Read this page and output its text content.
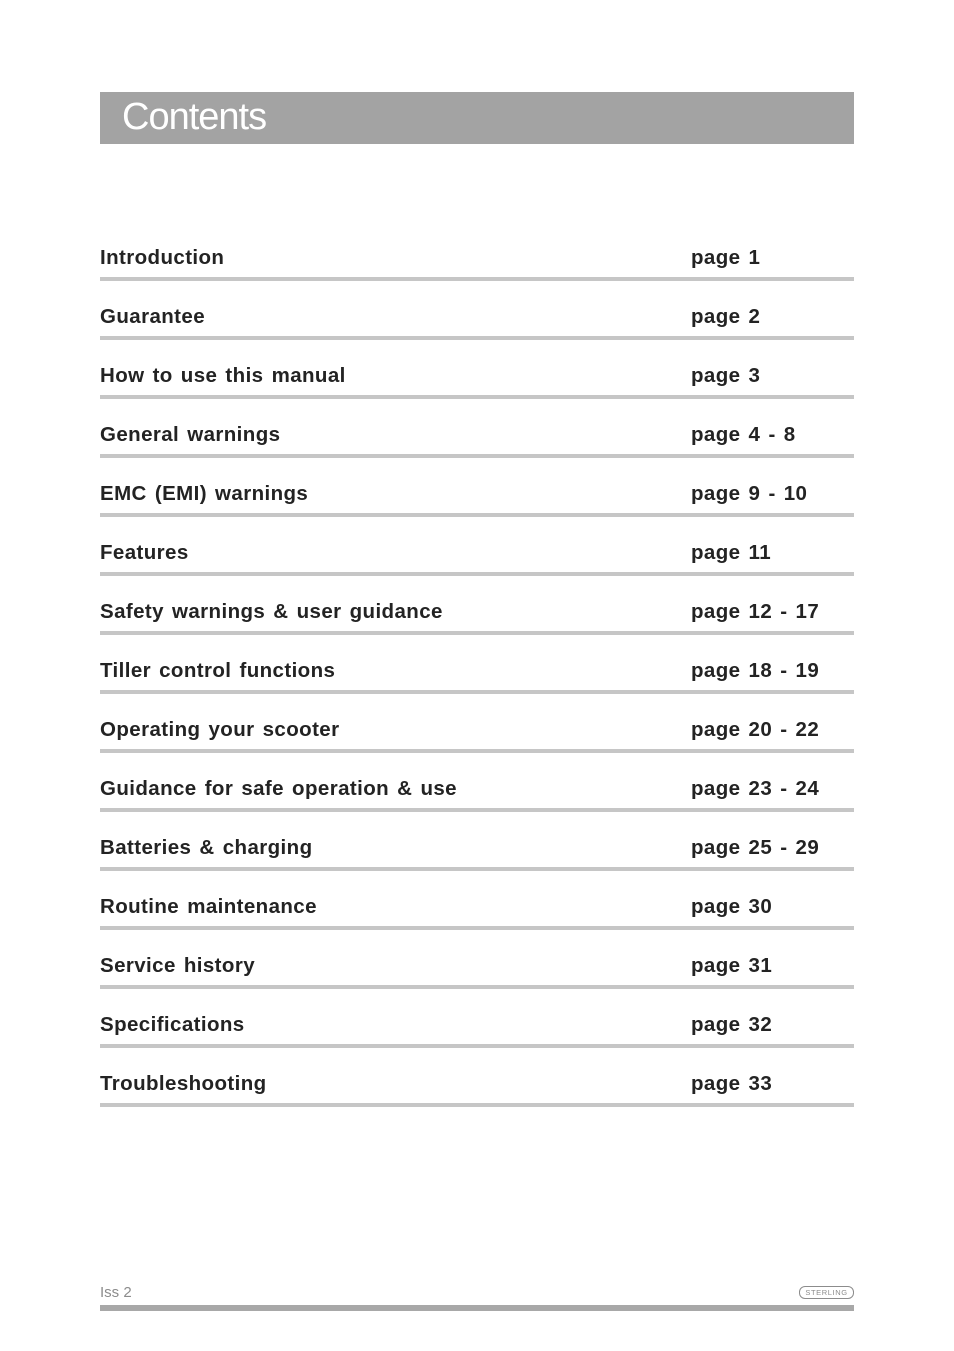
Contents
Introduction	page 1
Guarantee	page 2
How to use this manual	page 3
General warnings	page 4 - 8
EMC (EMI) warnings	page 9 - 10
Features	page 11
Safety warnings & user guidance	page 12 - 17
Tiller control functions	page 18 - 19
Operating your scooter	page 20 - 22
Guidance for safe operation & use	page 23 - 24
Batteries & charging	page 25 - 29
Routine maintenance	page 30
Service history	page 31
Specifications	page 32
Troubleshooting	page 33
Iss 2	STERLING
